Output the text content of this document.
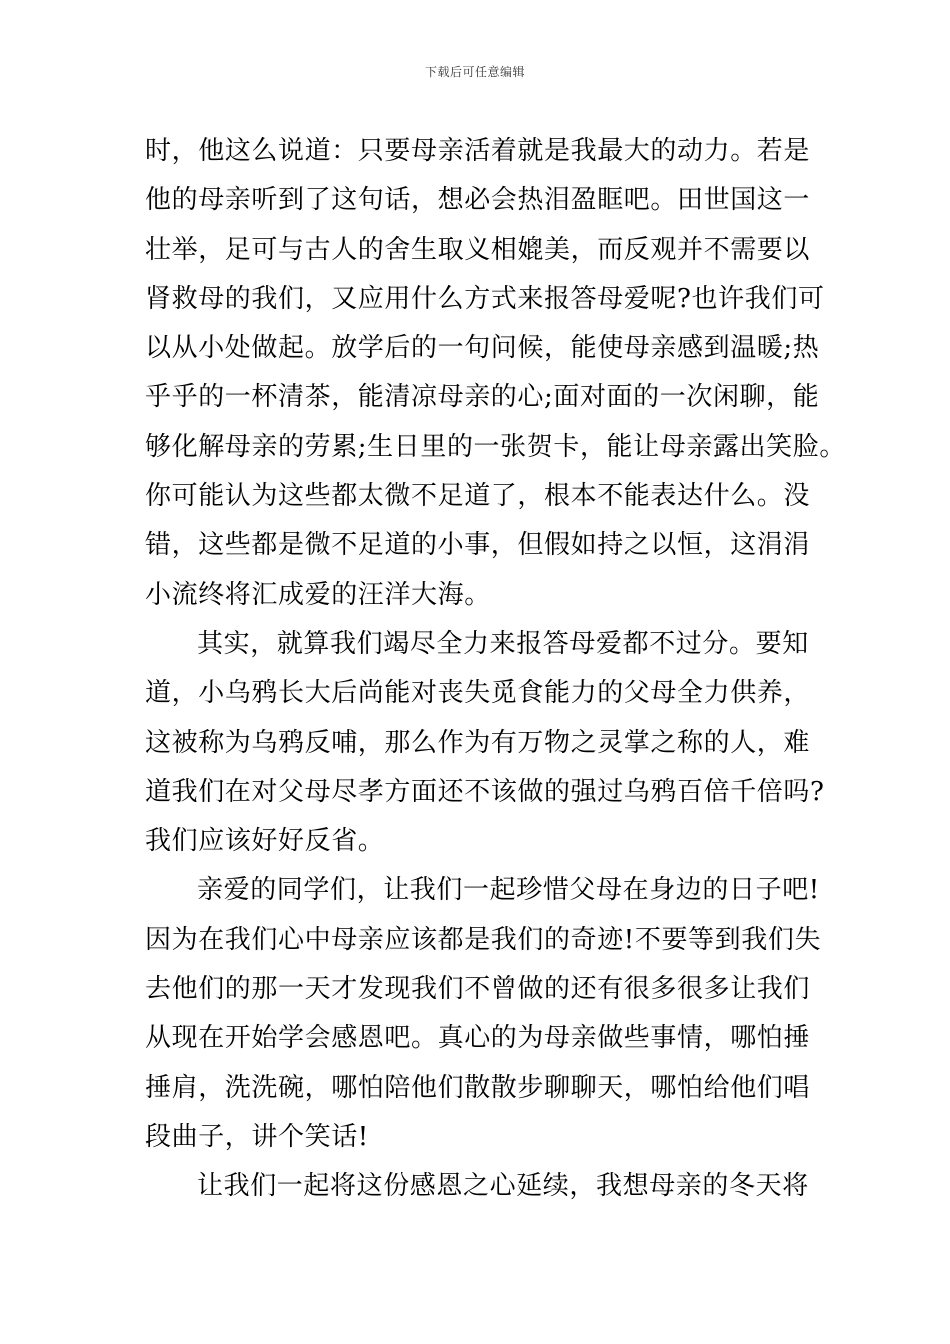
下载后可任意编辑
时，他这么说道：只要母亲活着就是我最大的动力。若是
他的母亲听到了这句话，想必会热泪盈眶吧。田世国这一
壮举，足可与古人的舍生取义相媲美，而反观并不需要以
肾救母的我们，又应用什么方式来报答母爱呢?也许我们可
以从小处做起。放学后的一句问候，能使母亲感到温暖;热
乎乎的一杯清茶，能清凉母亲的心;面对面的一次闲聊，能
够化解母亲的劳累;生日里的一张贺卡，能让母亲露出笑脸。
你可能认为这些都太微不足道了，根本不能表达什么。没
错，这些都是微不足道的小事，但假如持之以恒，这涓涓
小流终将汇成爱的汪洋大海。
其实，就算我们竭尽全力来报答母爱都不过分。要知
道，小乌鸦长大后尚能对丧失觅食能力的父母全力供养，
这被称为乌鸦反哺，那么作为有万物之灵掌之称的人，难
道我们在对父母尽孝方面还不该做的强过乌鸦百倍千倍吗?
我们应该好好反省。
亲爱的同学们，让我们一起珍惜父母在身边的日子吧!
因为在我们心中母亲应该都是我们的奇迹!不要等到我们失
去他们的那一天才发现我们不曾做的还有很多很多让我们
从现在开始学会感恩吧。真心的为母亲做些事情，哪怕捶
捶肩，洗洗碗，哪怕陪他们散散步聊聊天，哪怕给他们唱
段曲子，讲个笑话!
让我们一起将这份感恩之心延续，我想母亲的冬天将
